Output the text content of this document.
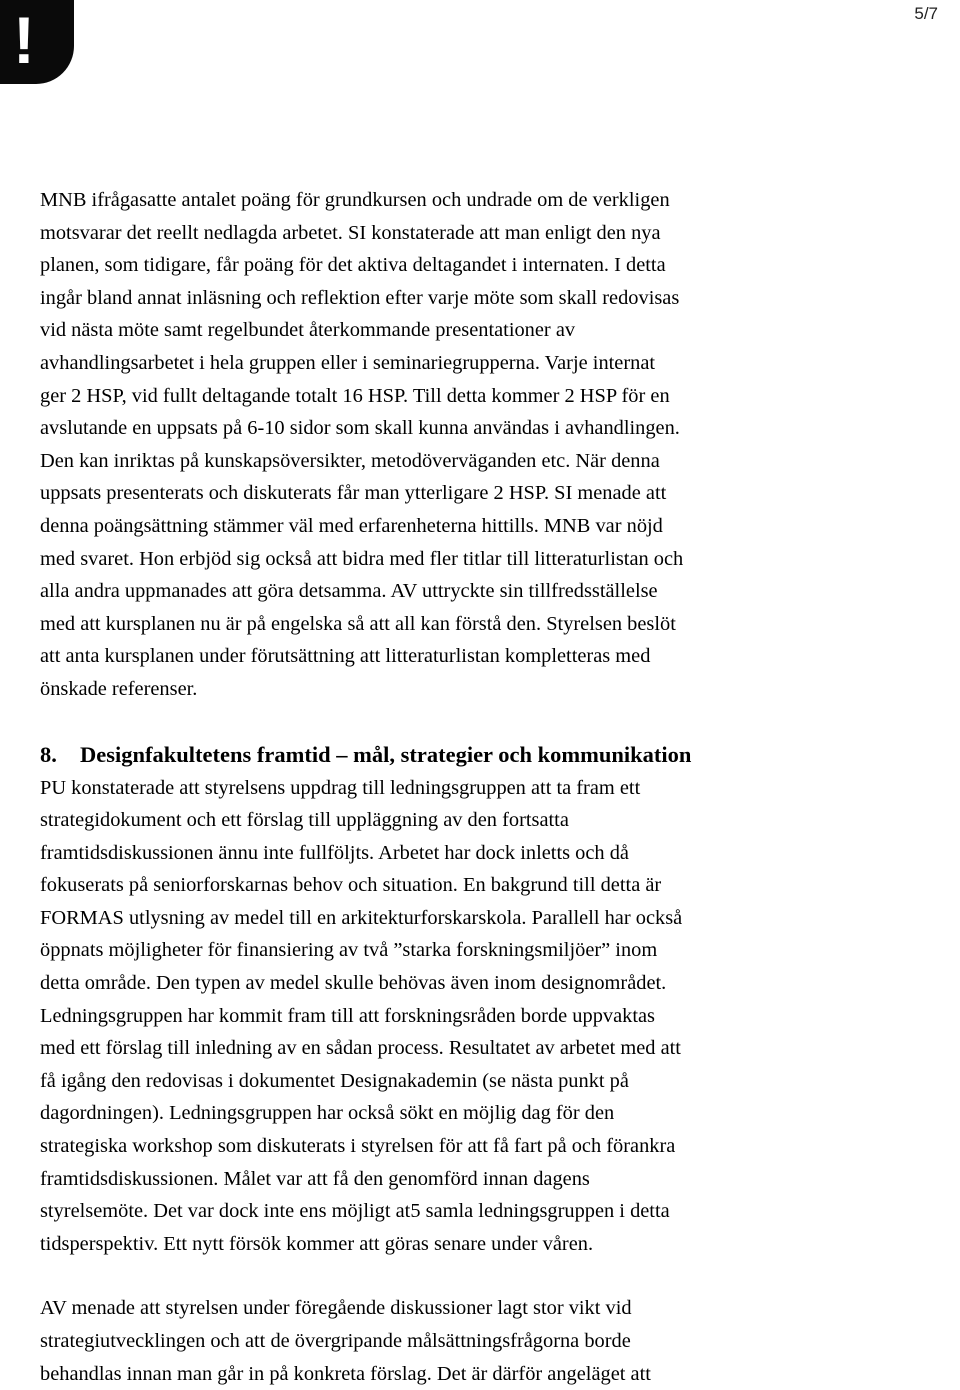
!	5/7

MNB ifrågasatte antalet poäng för grundkursen och undrade om de verkligen
motsvarar det reellt nedlagda arbetet. SI konstaterade att man enligt den nya
planen, som tidigare, får poäng för det aktiva deltagandet i internaten. I detta
ingår bland annat inläsning och reflektion efter varje möte som skall redovisas
vid nästa möte samt regelbundet återkommande presentationer av
avhandlingsarbetet i hela gruppen eller i seminariegrupperna. Varje internat
ger 2 HSP, vid fullt deltagande totalt 16 HSP. Till detta kommer 2 HSP för en
avslutande en uppsats på 6-10 sidor som skall kunna användas i avhandlingen.
Den kan inriktas på kunskapsöversikter, metodöverväganden etc. När denna
uppsats presenterats och diskuterats får man ytterligare 2 HSP. SI menade att
denna poängsättning stämmer väl med erfarenheterna hittills. MNB var nöjd
med svaret. Hon erbjöd sig också att bidra med fler titlar till litteraturlistan och
alla andra uppmanades att göra detsamma. AV uttryckte sin tillfredsställelse
med att kursplanen nu är på engelska så att all kan förstå den. Styrelsen beslöt
att anta kursplanen under förutsättning att litteraturlistan kompletteras med
önskade referenser.

8. Designfakultetens framtid – mål, strategier och kommunikation

PU konstaterade att styrelsens uppdrag till ledningsgruppen att ta fram ett
strategidokument och ett förslag till uppläggning av den fortsatta
framtidsdiskussionen ännu inte fullföljts. Arbetet har dock inletts och då
fokuserats på seniorforskarnas behov och situation. En bakgrund till detta är
FORMAS utlysning av medel till en arkitekturforskarskola. Parallell har också
öppnats möjligheter för finansiering av två ”starka forskningsmiljöer” inom
detta område. Den typen av medel skulle behövas även inom designområdet.
Ledningsgruppen har kommit fram till att forskningsråden borde uppvaktas
med ett förslag till inledning av en sådan process. Resultatet av arbetet med att
få igång den redovisas i dokumentet Designakademin (se nästa punkt på
dagordningen). Ledningsgruppen har också sökt en möjlig dag för den
strategiska workshop som diskuterats i styrelsen för att få fart på och förankra
framtidsdiskussionen. Målet var att få den genomförd innan dagens
styrelsemöte. Det var dock inte ens möjligt at5 samla ledningsgruppen i detta
tidsperspektiv. Ett nytt försök kommer att göras senare under våren.

AV menade att styrelsen under föregående diskussioner lagt stor vikt vid
strategiutvecklingen och att de övergripande målsättningsfrågorna borde
behandlas innan man går in på konkreta förslag. Det är därför angeläget att
